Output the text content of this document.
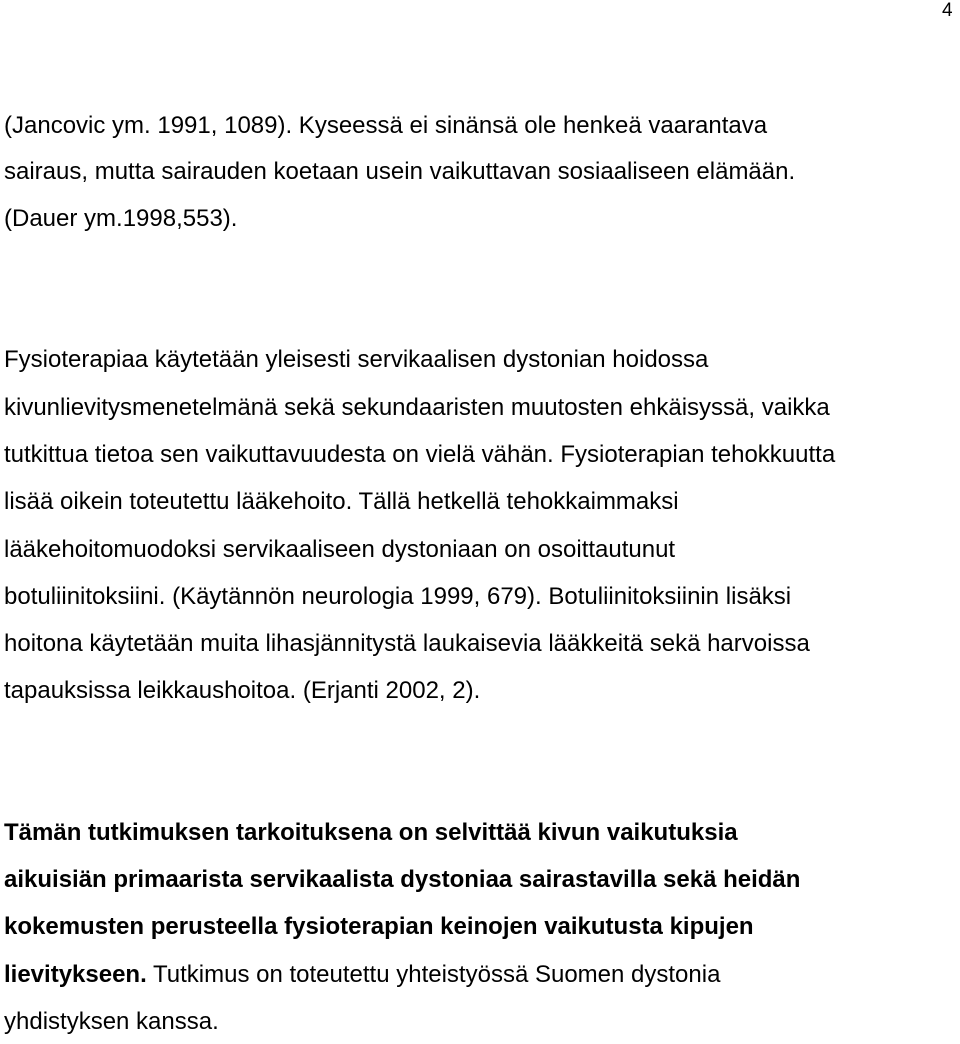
4
(Jancovic ym. 1991, 1089). Kyseessä ei sinänsä ole henkeä vaarantava
sairaus, mutta sairauden koetaan usein vaikuttavan sosiaaliseen elämään.
(Dauer ym.1998,553).
Fysioterapiaa käytetään yleisesti servikaalisen dystonian hoidossa
kivunlievitysmenetelmänä sekä sekundaaristen muutosten ehkäisyssä, vaikka
tutkittua tietoa sen vaikuttavuudesta on vielä vähän. Fysioterapian tehokkuutta
lisää oikein toteutettu lääkehoito. Tällä hetkellä tehokkaimmaksi
lääkehoitomuodoksi servikaaliseen dystoniaan on osoittautunut
botuliinitoksiini. (Käytännön neurologia 1999, 679). Botuliinitoksiinin lisäksi
hoitona käytetään muita lihasjännitystä laukaisevia lääkkeitä sekä harvoissa
tapauksissa leikkaushoitoa. (Erjanti 2002, 2).
Tämän tutkimuksen tarkoituksena on selvittää kivun vaikutuksia
aikuisiän primaarista servikaalista dystoniaa sairastavilla sekä heidän
kokemusten perusteella fysioterapian keinojen vaikutusta kipujen
lievitykseen. Tutkimus on toteutettu yhteistyössä Suomen dystonia
yhdistyksen kanssa.
